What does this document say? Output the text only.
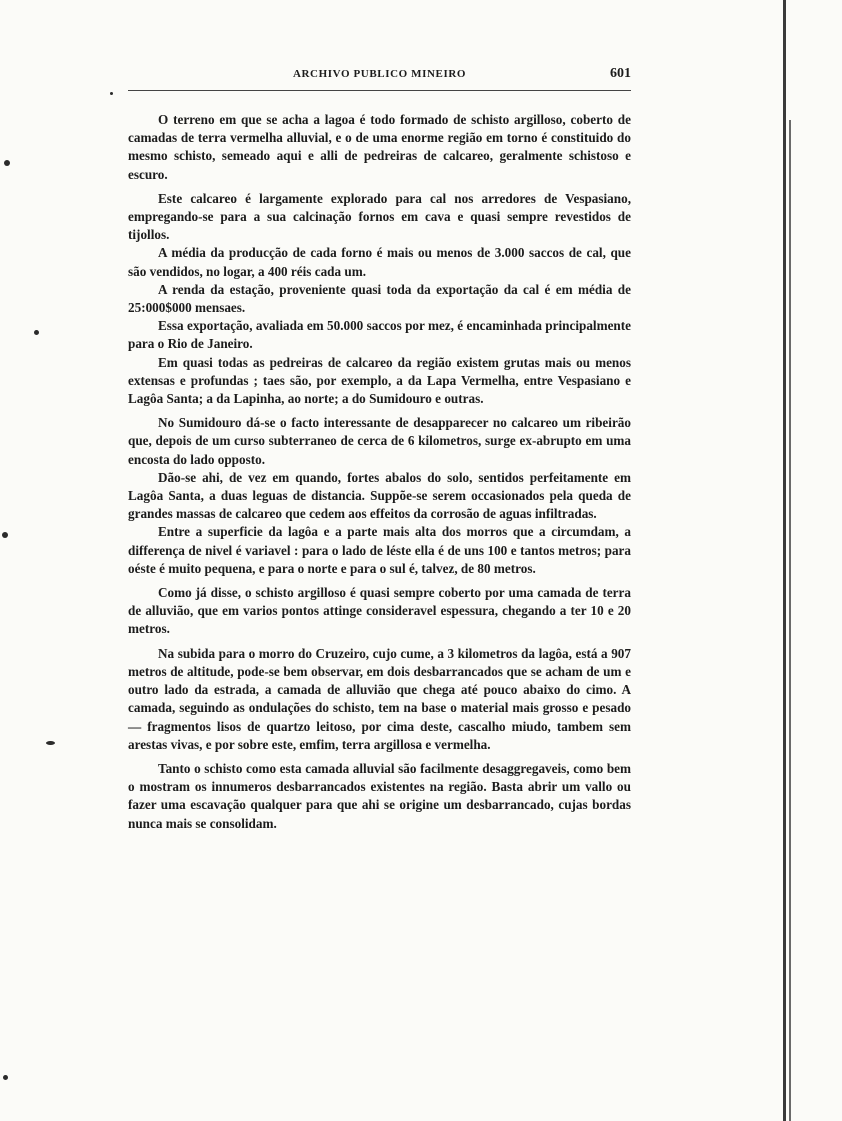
ARCHIVO PUBLICO MINEIRO	601

O terreno em que se acha a lagoa é todo formado de schisto argilloso, coberto de camadas de terra vermelha alluvial, e o de uma enorme região em torno é constituido do mesmo schisto, semeado aqui e alli de pedreiras de calcareo, geralmente schistoso e escuro.

Este calcareo é largamente explorado para cal nos arredores de Vespasiano, empregando-se para a sua calcinação fornos em cava e quasi sempre revestidos de tijollos.

A média da producção de cada forno é mais ou menos de 3.000 saccos de cal, que são vendidos, no logar, a 400 réis cada um.

A renda da estação, proveniente quasi toda da exportação da cal é em média de 25:000$000 mensaes.

Essa exportação, avaliada em 50.000 saccos por mez, é encaminhada principalmente para o Rio de Janeiro.

Em quasi todas as pedreiras de calcareo da região existem grutas mais ou menos extensas e profundas ; taes são, por exemplo, a da Lapa Vermelha, entre Vespasiano e Lagôa Santa; a da Lapinha, ao norte; a do Sumidouro e outras.

No Sumidouro dá-se o facto interessante de desapparecer no calcareo um ribeirão que, depois de um curso subterraneo de cerca de 6 kilometros, surge ex-abrupto em uma encosta do lado opposto.

Dão-se ahi, de vez em quando, fortes abalos do solo, sentidos perfeitamente em Lagôa Santa, a duas leguas de distancia. Suppõe-se serem occasionados pela queda de grandes massas de calcareo que cedem aos effeitos da corrosão de aguas infiltradas.

Entre a superficie da lagôa e a parte mais alta dos morros que a circumdam, a differença de nivel é variavel : para o lado de léste ella é de uns 100 e tantos metros; para oéste é muito pequena, e para o norte e para o sul é, talvez, de 80 metros.

Como já disse, o schisto argilloso é quasi sempre coberto por uma camada de terra de alluvião, que em varios pontos attinge consideravel espessura, chegando a ter 10 e 20 metros.

Na subida para o morro do Cruzeiro, cujo cume, a 3 kilometros da lagôa, está a 907 metros de altitude, pode-se bem observar, em dois desbarrancados que se acham de um e outro lado da estrada, a camada de alluvião que chega até pouco abaixo do cimo. A camada, seguindo as ondulações do schisto, tem na base o material mais grosso e pesado — fragmentos lisos de quartzo leitoso, por cima deste, cascalho miudo, tambem sem arestas vivas, e por sobre este, emfim, terra argillosa e vermelha.

Tanto o schisto como esta camada alluvial são facilmente desaggregaveis, como bem o mostram os innumeros desbarrancados existentes na região. Basta abrir um vallo ou fazer uma escavação qualquer para que ahi se origine um desbarrancado, cujas bordas nunca mais se consolidam.
